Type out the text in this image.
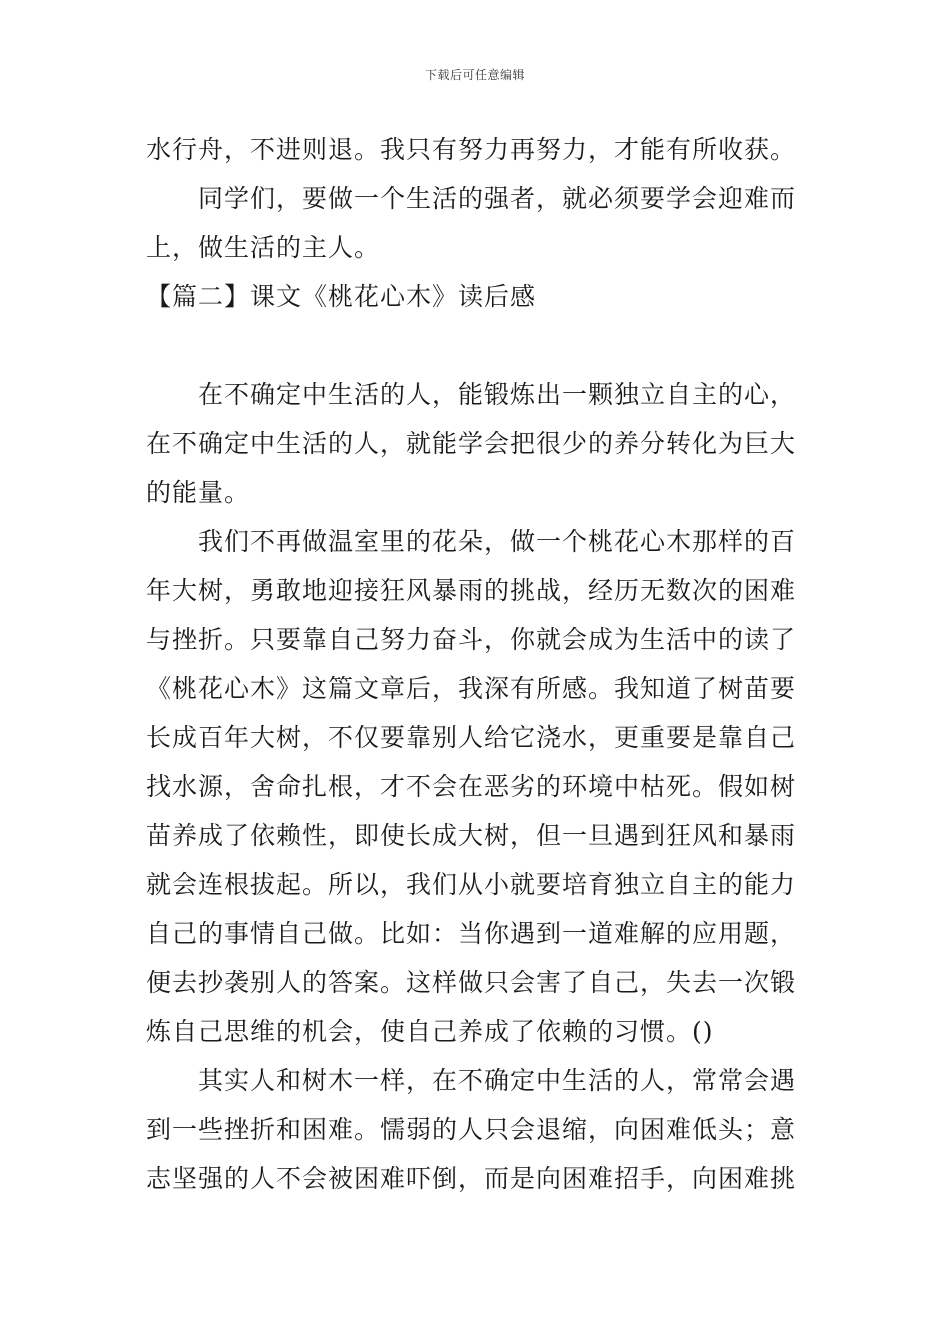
下载后可任意编辑
水行舟，不进则退。我只有努力再努力，才能有所收获。
同学们，要做一个生活的强者，就必须要学会迎难而
上，做生活的主人。
【篇二】课文《桃花心木》读后感
在不确定中生活的人，能锻炼出一颗独立自主的心，
在不确定中生活的人，就能学会把很少的养分转化为巨大
的能量。
我们不再做温室里的花朵，做一个桃花心木那样的百
年大树，勇敢地迎接狂风暴雨的挑战，经历无数次的困难
与挫折。只要靠自己努力奋斗，你就会成为生活中的读了
《桃花心木》这篇文章后，我深有所感。我知道了树苗要
长成百年大树，不仅要靠别人给它浇水，更重要是靠自己
找水源，舍命扎根，才不会在恶劣的环境中枯死。假如树
苗养成了依赖性，即使长成大树，但一旦遇到狂风和暴雨
就会连根拔起。所以，我们从小就要培育独立自主的能力
自己的事情自己做。比如：当你遇到一道难解的应用题，
便去抄袭别人的答案。这样做只会害了自己，失去一次锻
炼自己思维的机会，使自己养成了依赖的习惯。()
其实人和树木一样，在不确定中生活的人，常常会遇
到一些挫折和困难。懦弱的人只会退缩，向困难低头；意
志坚强的人不会被困难吓倒，而是向困难招手，向困难挑
